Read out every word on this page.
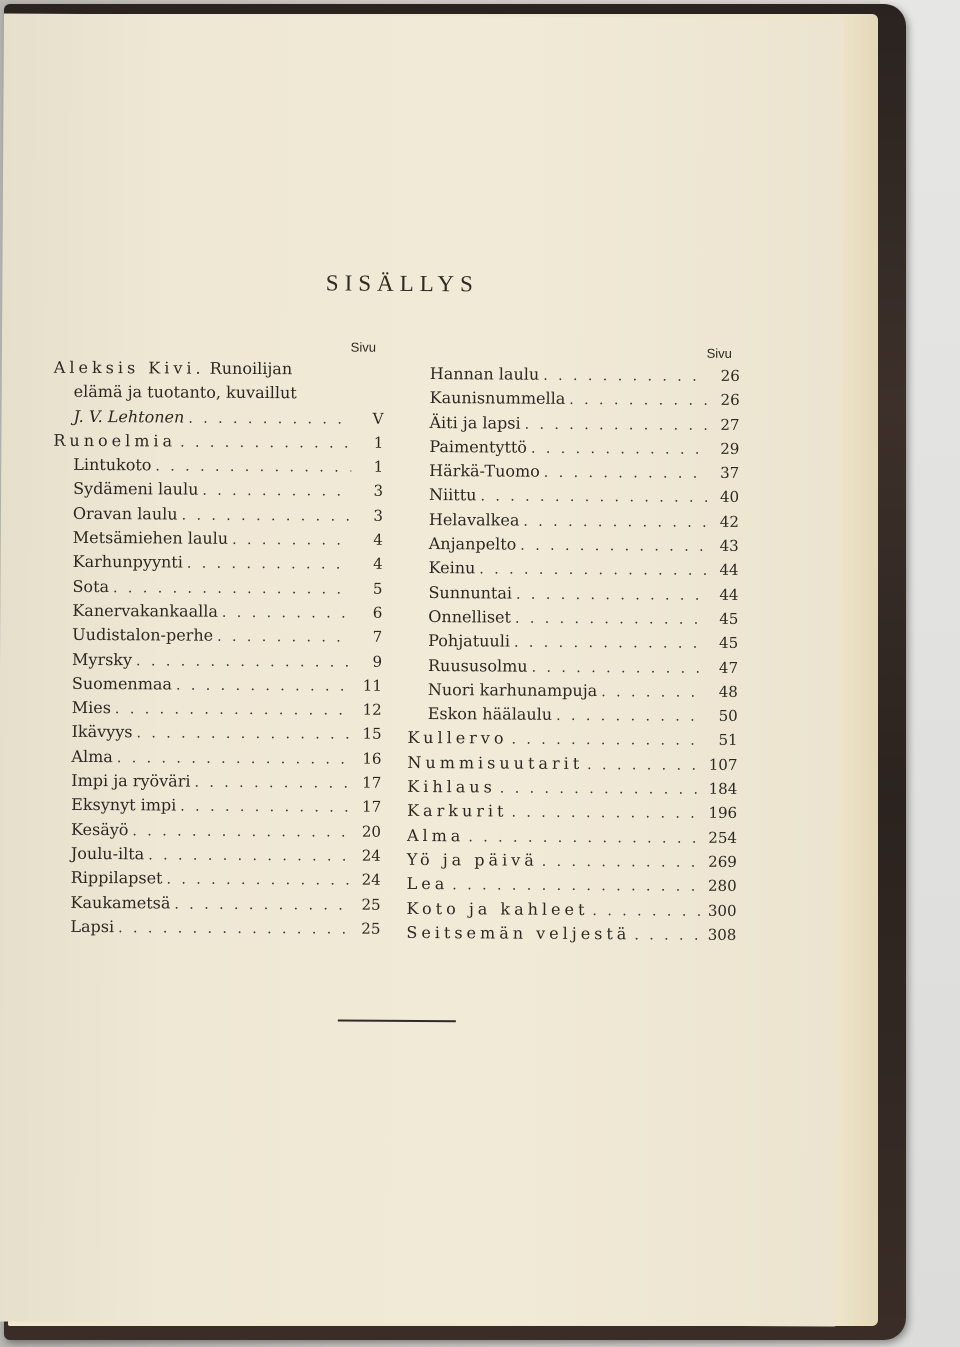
SISÄLLYS
Sivu
Aleksis Kivi. Runoilijan
elämä ja tuotanto, kuvaillut
J. V. Lehtonen . . .	V
Runoelmia . . .	1
Lintukoto . . .	1
Sydämeni laulu . . .	3
Oravan laulu . . .	3
Metsämiehen laulu . . .	4
Karhunpyynti . . .	4
Sota . . .	5
Kanervakankaalla . . .	6
Uudistalon-perhe . . .	7
Myrsky . . .	9
Suomenmaa . . .	11
Mies . . .	12
Ikävyys . . .	15
Alma . . .	16
Impi ja ryöväri . . .	17
Eksynyt impi . . .	17
Kesäyö . . .	20
Joulu-ilta . . .	24
Rippilapset . . .	24
Kaukametsä . . .	25
Lapsi . . .	25
Sivu
Hannan laulu . . .	26
Kaunisnummella . . .	26
Äiti ja lapsi . . .	27
Paimentyttö . . .	29
Härkä-Tuomo . . .	37
Niittu . . .	40
Helavalkea . . .	42
Anjanpelto . . .	43
Keinu . . .	44
Sunnuntai . . .	44
Onnelliset . . .	45
Pohjatuuli . . .	45
Ruususolmu . . .	47
Nuori karhunampuja . . .	48
Eskon häälaulu . . .	50
Kullervo . . .	51
Nummisuutarit . . .	107
Kihlaus . . .	184
Karkurit . . .	196
Alma . . .	254
Yö ja päivä . . .	269
Lea . . .	280
Koto ja kahleet . . .	300
Seitsemän veljestä . . .	308
